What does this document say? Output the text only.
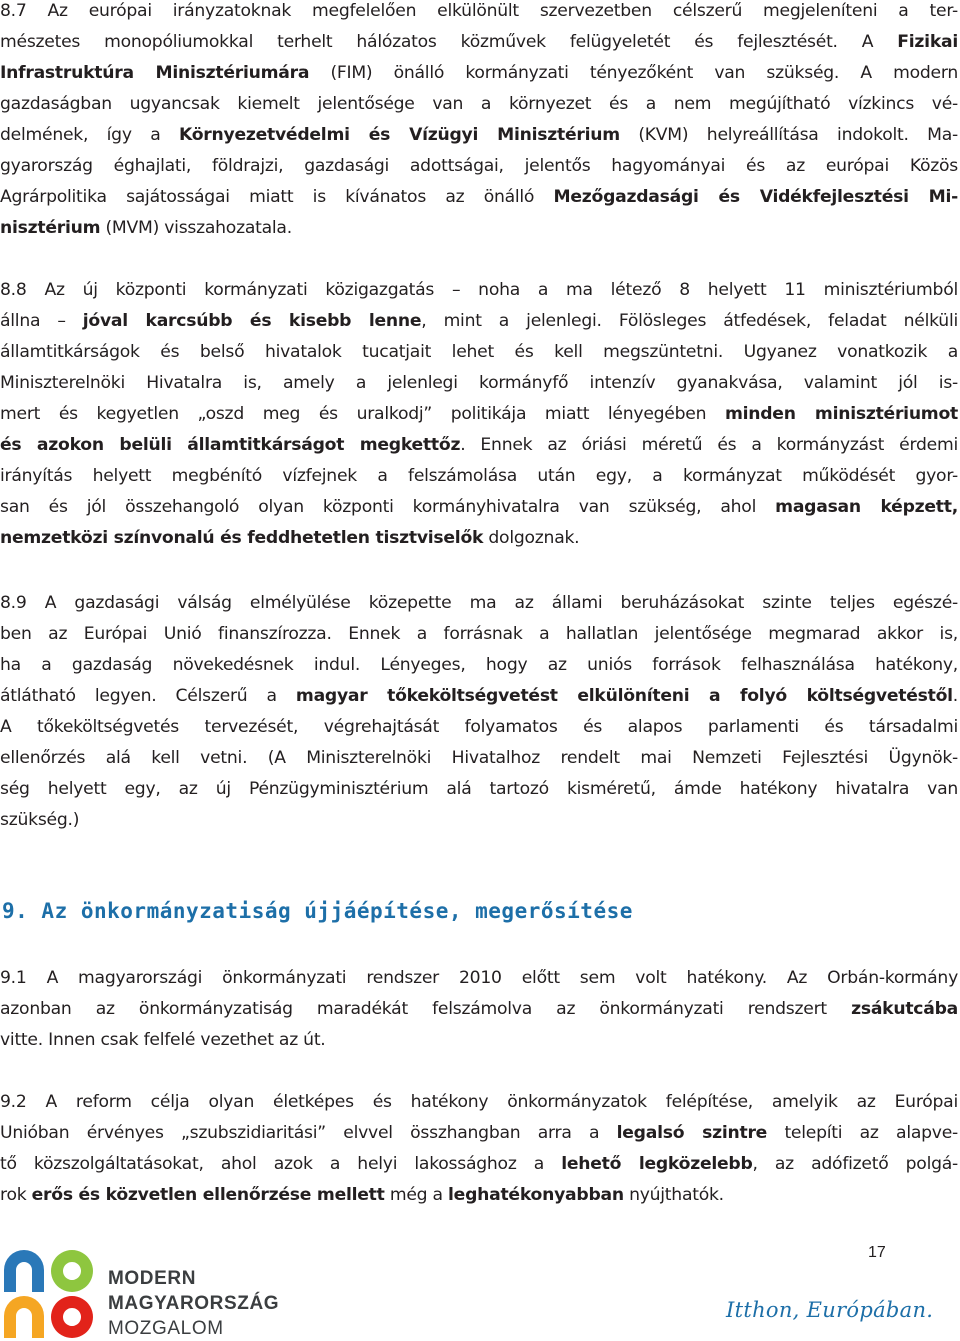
8.7 Az európai irányzatoknak megfelelően elkülönült szervezetben célszerű megjeleníteni a ter-
mészetes monopóliumokkal terhelt hálózatos közművek felügyeletét és fejlesztését. A Fizikai
Infrastruktúra Minisztériumára (FIM) önálló kormányzati tényezőként van szükség. A modern
gazdaságban ugyancsak kiemelt jelentősége van a környezet és a nem megújítható vízkincs vé-
delmének, így a Környezetvédelmi és Vízügyi Minisztérium (KVM) helyreállítása indokolt. Ma-
gyarország éghajlati, földrajzi, gazdasági adottságai, jelentős hagyományai és az európai Közös
Agrárpolitika sajátosságai miatt is kívánatos az önálló Mezőgazdasági és Vidékfejlesztési Mi-
nisztérium (MVM) visszahozatala.
8.8 Az új központi kormányzati közigazgatás – noha a ma létező 8 helyett 11 minisztériumból
állna – jóval karcsúbb és kisebb lenne, mint a jelenlegi. Fölösleges átfedések, feladat nélküli
államtitkárságok és belső hivatalok tucatjait lehet és kell megszüntetni. Ugyanez vonatkozik a
Miniszterelnöki Hivatalra is, amely a jelenlegi kormányfő intenzív gyanakvása, valamint jól is-
mert és kegyetlen „oszd meg és uralkodj” politikája miatt lényegében minden minisztériumot
és azokon belüli államtitkárságot megkettőz. Ennek az óriási méretű és a kormányzást érdemi
irányítás helyett megbénító vízfejnek a felszámolása után egy, a kormányzat működését gyor-
san és jól összehangoló olyan központi kormányhivatalra van szükség, ahol magasan képzett,
nemzetközi színvonalú és feddhetetlen tisztviselők dolgoznak.
8.9 A gazdasági válság elmélyülése közepette ma az állami beruházásokat szinte teljes egészé-
ben az Európai Unió finanszírozza. Ennek a forrásnak a hallatlan jelentősége megmarad akkor is,
ha a gazdaság növekedésnek indul. Lényeges, hogy az uniós források felhasználása hatékony,
átlátható legyen. Célszerű a magyar tőkeköltségvetést elkülöníteni a folyó költségvetéstől.
A tőkeköltségvetés tervezését, végrehajtását folyamatos és alapos parlamenti és társadalmi
ellenőrzés alá kell vetni. (A Miniszterelnöki Hivatalhoz rendelt mai Nemzeti Fejlesztési Ügynök-
ség helyett egy, az új Pénzügyminisztérium alá tartozó kisméretű, ámde hatékony hivatalra van
szükség.)
9. Az önkormányzatiság újjáépítése, megerősítése
9.1 A magyarországi önkormányzati rendszer 2010 előtt sem volt hatékony. Az Orbán-kormány
azonban az önkormányzatiság maradékát felszámolva az önkormányzati rendszert zsákutcába
vitte. Innen csak felfelé vezethet az út.
9.2 A reform célja olyan életképes és hatékony önkormányzatok felépítése, amelyik az Európai
Unióban érvényes „szubszidiaritási” elvvel összhangban arra a legalsó szintre telepíti az alapve-
tő közszolgáltatásokat, ahol azok a helyi lakossághoz a lehető legközelebb, az adófizető polgá-
rok erős és közvetlen ellenőrzése mellett még a leghatékonyabban nyújthatók.
MODERN
MAGYARORSZÁG
MOZGALOM
17
Itthon, Európában.
